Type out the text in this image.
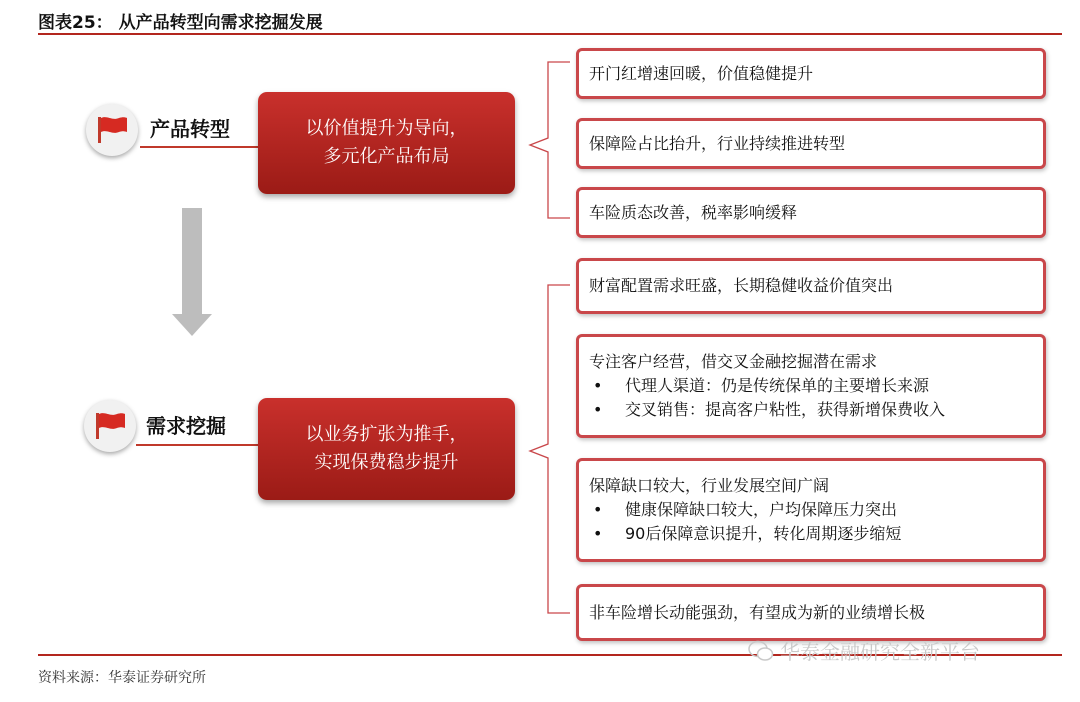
图表25： 从产品转型向需求挖掘发展
产品转型	以价值提升为导向，
多元化产品布局
开门红增速回暖，价值稳健提升
保障险占比抬升，行业持续推进转型
车险质态改善，税率影响缓释
需求挖掘	以业务扩张为推手，
实现保费稳步提升
财富配置需求旺盛，长期稳健收益价值突出
专注客户经营，借交叉金融挖掘潜在需求
•	代理人渠道：仍是传统保单的主要增长来源
•	交叉销售：提高客户粘性，获得新增保费收入
保障缺口较大，行业发展空间广阔
•	健康保障缺口较大，户均保障压力突出
•	90后保障意识提升，转化周期逐步缩短
非车险增长动能强劲，有望成为新的业绩增长极
资料来源：华泰证券研究所
华泰金融研究全新平台
